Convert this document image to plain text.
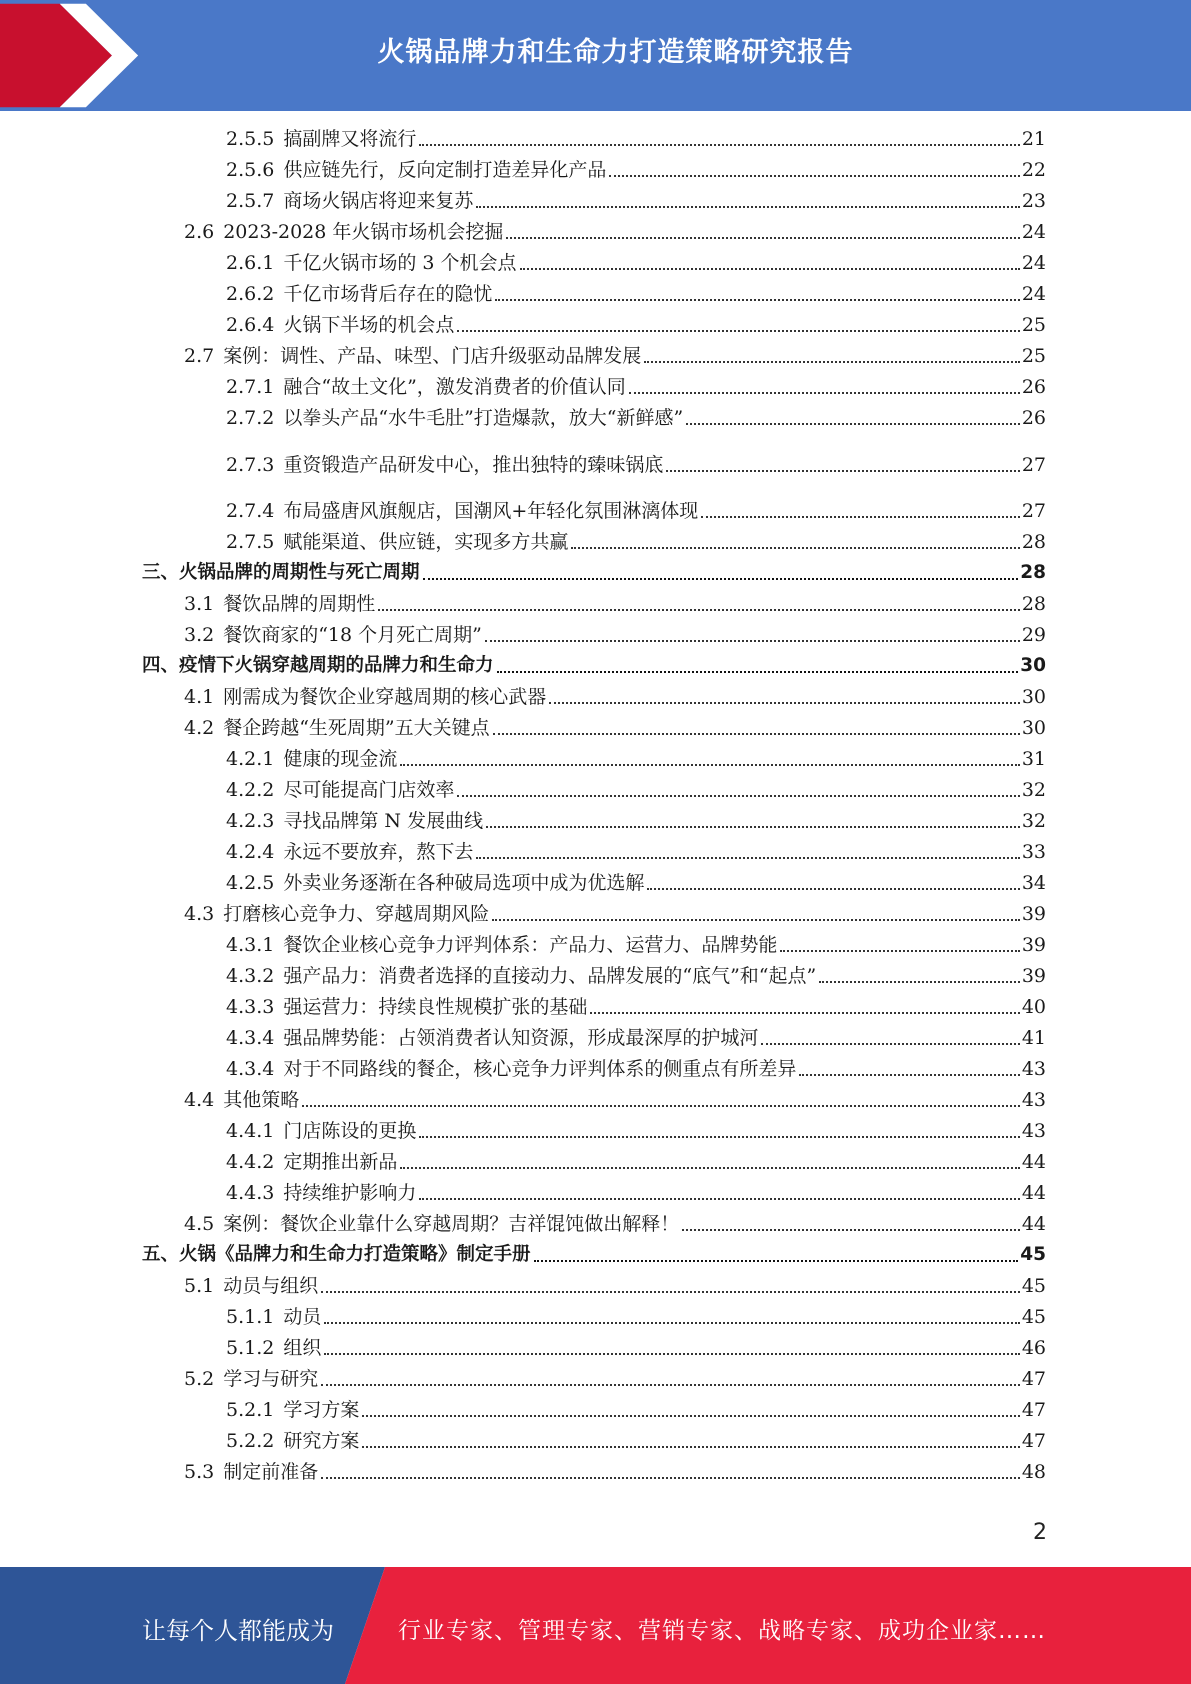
火锅品牌力和生命力打造策略研究报告
2.5.5 搞副牌又将流行	21
2.5.6 供应链先行，反向定制打造差异化产品	22
2.5.7 商场火锅店将迎来复苏	23
2.6 2023-2028 年火锅市场机会挖掘	24
2.6.1 千亿火锅市场的 3 个机会点	24
2.6.2 千亿市场背后存在的隐忧	24
2.6.4 火锅下半场的机会点	25
2.7 案例：调性、产品、味型、门店升级驱动品牌发展	25
2.7.1 融合“故土文化”，激发消费者的价值认同	26
2.7.2 以拳头产品“水牛毛肚”打造爆款，放大“新鲜感”	26
2.7.3 重资锻造产品研发中心，推出独特的臻味锅底	27
2.7.4 布局盛唐风旗舰店，国潮风+年轻化氛围淋漓体现	27
2.7.5 赋能渠道、供应链，实现多方共赢	28
三、火锅品牌的周期性与死亡周期	28
3.1 餐饮品牌的周期性	28
3.2 餐饮商家的“18 个月死亡周期”	29
四、疫情下火锅穿越周期的品牌力和生命力	30
4.1 刚需成为餐饮企业穿越周期的核心武器	30
4.2 餐企跨越“生死周期”五大关键点	30
4.2.1 健康的现金流	31
4.2.2 尽可能提高门店效率	32
4.2.3 寻找品牌第 N 发展曲线	32
4.2.4 永远不要放弃，熬下去	33
4.2.5 外卖业务逐渐在各种破局选项中成为优选解	34
4.3 打磨核心竞争力、穿越周期风险	39
4.3.1 餐饮企业核心竞争力评判体系：产品力、运营力、品牌势能	39
4.3.2 强产品力：消费者选择的直接动力、品牌发展的“底气”和“起点”	39
4.3.3 强运营力：持续良性规模扩张的基础	40
4.3.4 强品牌势能：占领消费者认知资源，形成最深厚的护城河	41
4.3.4 对于不同路线的餐企，核心竞争力评判体系的侧重点有所差异	43
4.4 其他策略	43
4.4.1 门店陈设的更换	43
4.4.2 定期推出新品	44
4.4.3 持续维护影响力	44
4.5 案例：餐饮企业靠什么穿越周期？吉祥馄饨做出解释！	44
五、火锅《品牌力和生命力打造策略》制定手册	45
5.1 动员与组织	45
5.1.1 动员	45
5.1.2 组织	46
5.2 学习与研究	47
5.2.1 学习方案	47
5.2.2 研究方案	47
5.3 制定前准备	48
2
让每个人都能成为	行业专家、管理专家、营销专家、战略专家、成功企业家……
